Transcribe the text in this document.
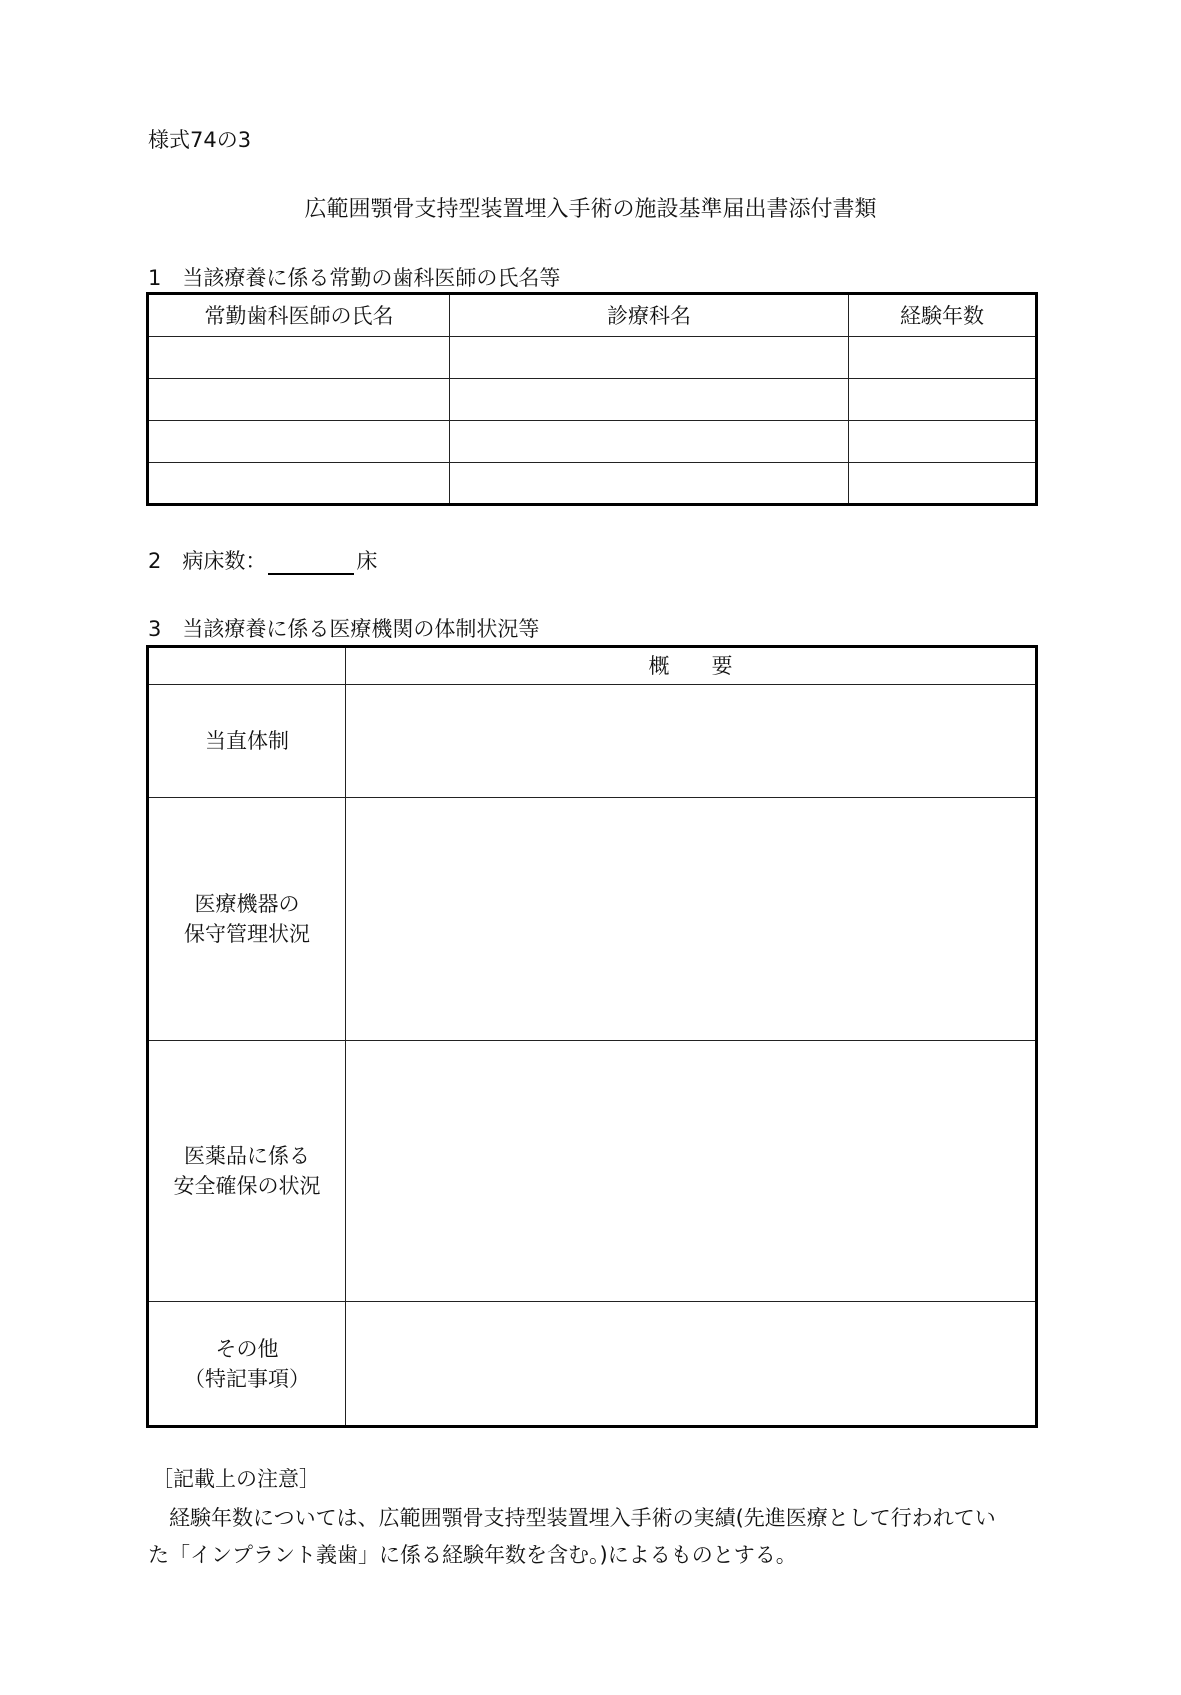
様式74の3
広範囲顎骨支持型装置埋入手術の施設基準届出書添付書類
1　当該療養に係る常勤の歯科医師の氏名等
常勤歯科医師の氏名	診療科名	経験年数

2　病床数：	床
3　当該療養に係る医療機関の体制状況等
	概　　要

当直体制	

医療機器の
保守管理状況	

医薬品に係る
安全確保の状況	

その他
（特記事項）	

［記載上の注意］
　経験年数については、広範囲顎骨支持型装置埋入手術の実績(先進医療として行われてい
た「インプラント義歯」に係る経験年数を含む。)によるものとする。
